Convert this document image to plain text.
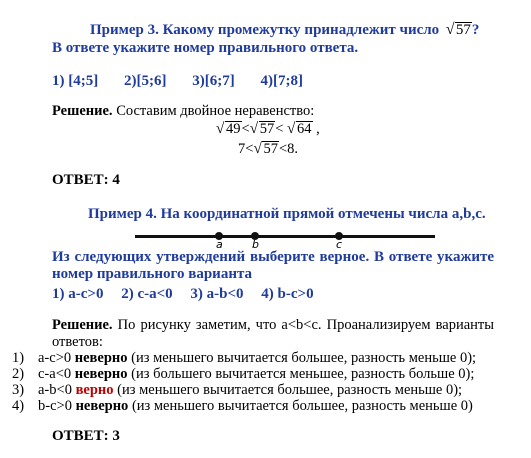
Пример 3. Какому промежутку принадлежит число √ 57?
В ответе укажите номер правильного ответа.
1) [4;5] 2)[5;6] 3)[6;7] 4)[7;8]
Решение. Составим двойное неравенство:
√ 49< √ 57< √ 64 ,
7< √ 57<8.
ОТВЕТ: 4
Пример 4. На координатной прямой отмечены числа a,b,c.
a	b	c
Из следующих утверждений выберите верное. В ответе укажите номер правильного варианта
1) a-c>0 2) c-a<0 3) a-b<0 4) b-c>0
Решение. По рисунку заметим, что a<b<c. Проанализируем варианты ответов:
1) a-c>0 неверно (из меньшего вычитается большее, разность меньше 0);
2) c-a<0 неверно (из большего вычитается меньшее, разность больше 0);
3) a-b<0 верно (из меньшего вычитается большее, разность меньше 0);
4) b-c>0 неверно (из меньшего вычитается большее, разность меньше 0)
ОТВЕТ: 3
